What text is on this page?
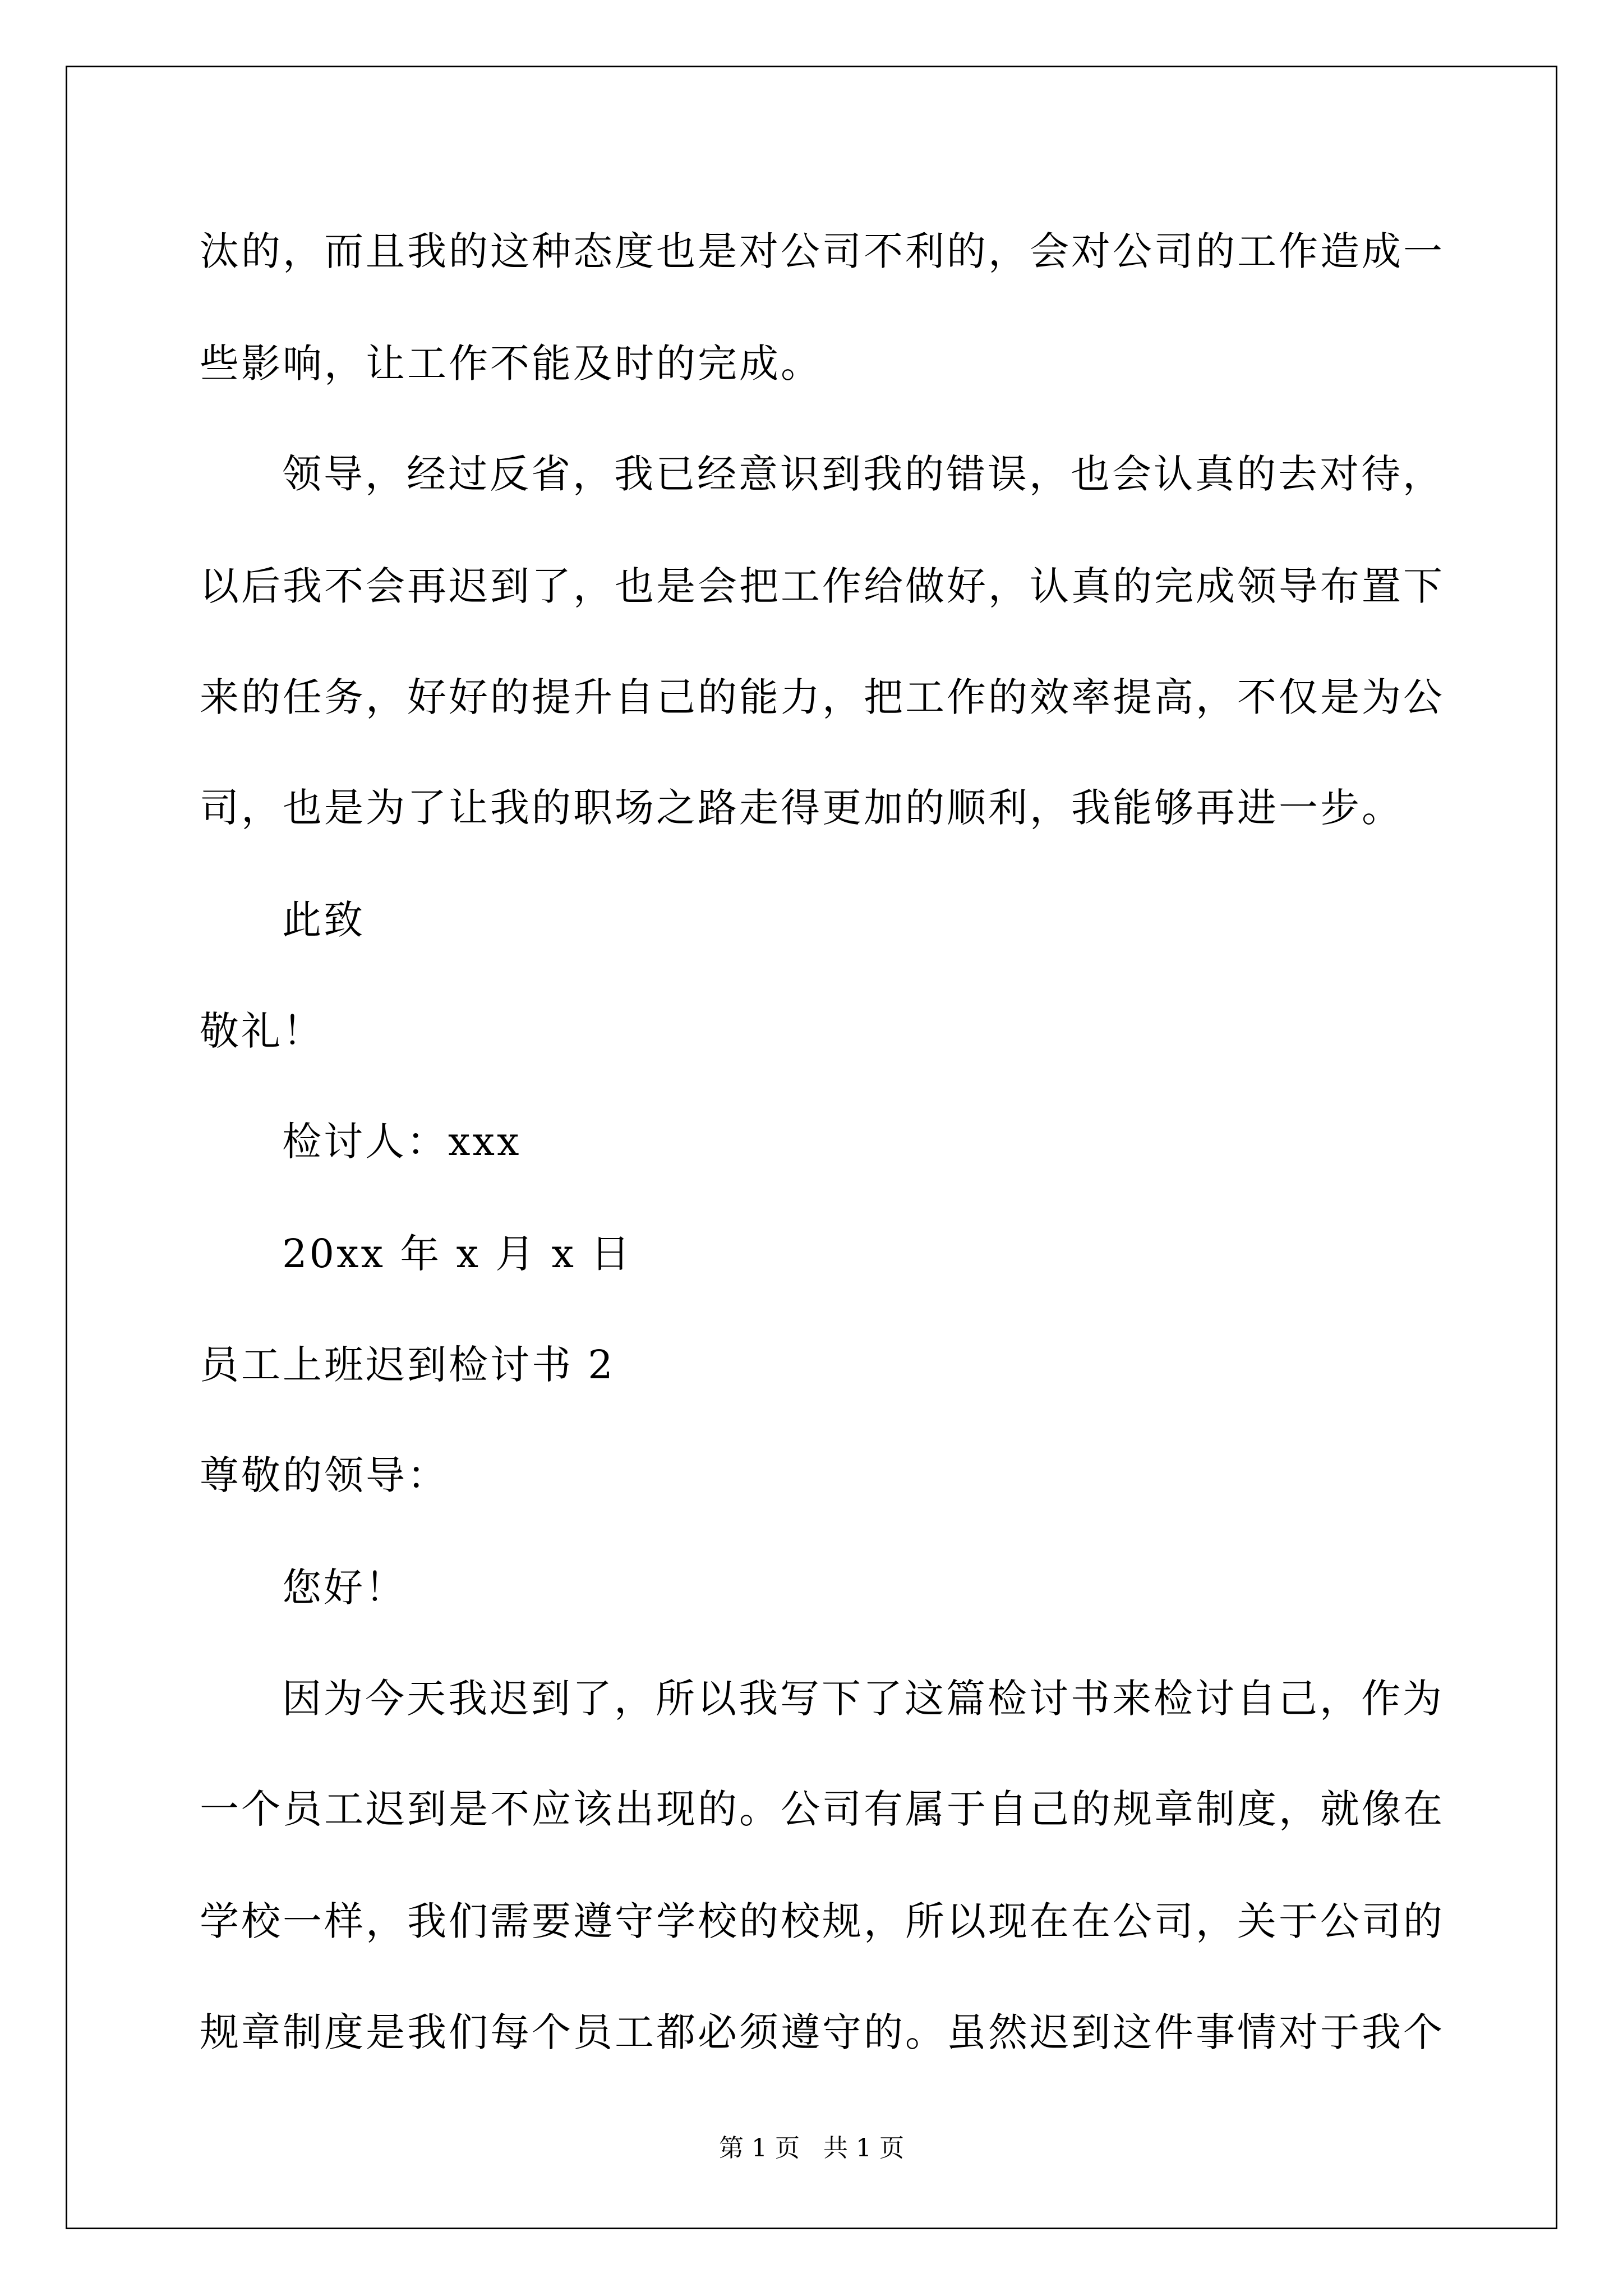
汰的，而且我的这种态度也是对公司不利的，会对公司的工作造成一
些影响，让工作不能及时的完成。
领导，经过反省，我已经意识到我的错误，也会认真的去对待，
以后我不会再迟到了，也是会把工作给做好，认真的完成领导布置下
来的任务，好好的提升自己的能力，把工作的效率提高，不仅是为公
司，也是为了让我的职场之路走得更加的顺利，我能够再进一步。
此致
敬礼！
检讨人：xxx
20xx 年 x 月 x 日
员工上班迟到检讨书 2
尊敬的领导：
您好！
因为今天我迟到了，所以我写下了这篇检讨书来检讨自己，作为
一个员工迟到是不应该出现的。公司有属于自己的规章制度，就像在
学校一样，我们需要遵守学校的校规，所以现在在公司，关于公司的
规章制度是我们每个员工都必须遵守的。虽然迟到这件事情对于我个
第 1 页   共 1 页
